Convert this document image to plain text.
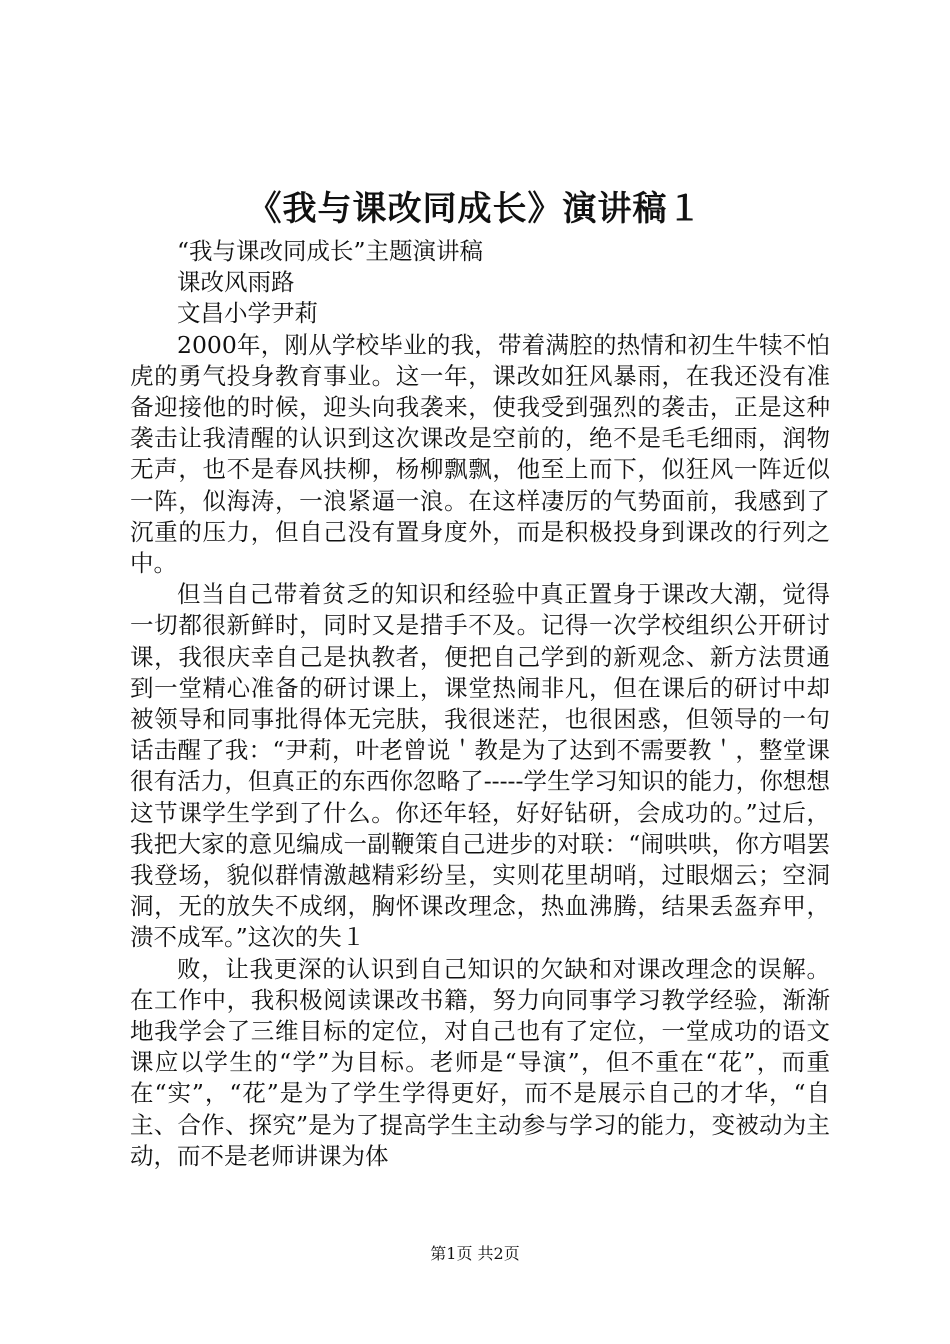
《我与课改同成长》演讲稿１

“我与课改同成长”主题演讲稿

课改风雨路

文昌小学尹莉

2000年，刚从学校毕业的我，带着满腔的热情和初生牛犊不怕虎的勇气投身教育事业。这一年，课改如狂风暴雨，在我还没有准备迎接他的时候，迎头向我袭来，使我受到强烈的袭击，正是这种袭击让我清醒的认识到这次课改是空前的，绝不是毛毛细雨，润物无声，也不是春风扶柳，杨柳飘飘，他至上而下，似狂风一阵近似一阵，似海涛，一浪紧逼一浪。在这样凄厉的气势面前，我感到了沉重的压力，但自己没有置身度外，而是积极投身到课改的行列之中。

但当自己带着贫乏的知识和经验中真正置身于课改大潮，觉得一切都很新鲜时，同时又是措手不及。记得一次学校组织公开研讨课，我很庆幸自己是执教者，便把自己学到的新观念、新方法贯通到一堂精心准备的研讨课上，课堂热闹非凡，但在课后的研讨中却被领导和同事批得体无完肤，我很迷茫，也很困惑，但领导的一句话击醒了我：“尹莉，叶老曾说＇教是为了达到不需要教＇，整堂课很有活力，但真正的东西你忽略了-----学生学习知识的能力，你想想这节课学生学到了什么。你还年轻，好好钻研，会成功的。”过后，我把大家的意见编成一副鞭策自己进步的对联：“闹哄哄，你方唱罢我登场，貌似群情激越精彩纷呈，实则花里胡哨，过眼烟云；空洞洞，无的放失不成纲，胸怀课改理念，热血沸腾，结果丢盔弃甲，溃不成军。”这次的失１

败，让我更深的认识到自己知识的欠缺和对课改理念的误解。在工作中，我积极阅读课改书籍，努力向同事学习教学经验，渐渐地我学会了三维目标的定位，对自己也有了定位，一堂成功的语文课应以学生的“学”为目标。老师是“导演”，但不重在“花”，而重在“实”，“花”是为了学生学得更好，而不是展示自己的才华，“自主、合作、探究”是为了提高学生主动参与学习的能力，变被动为主动，而不是老师讲课为体

第1页 共2页
